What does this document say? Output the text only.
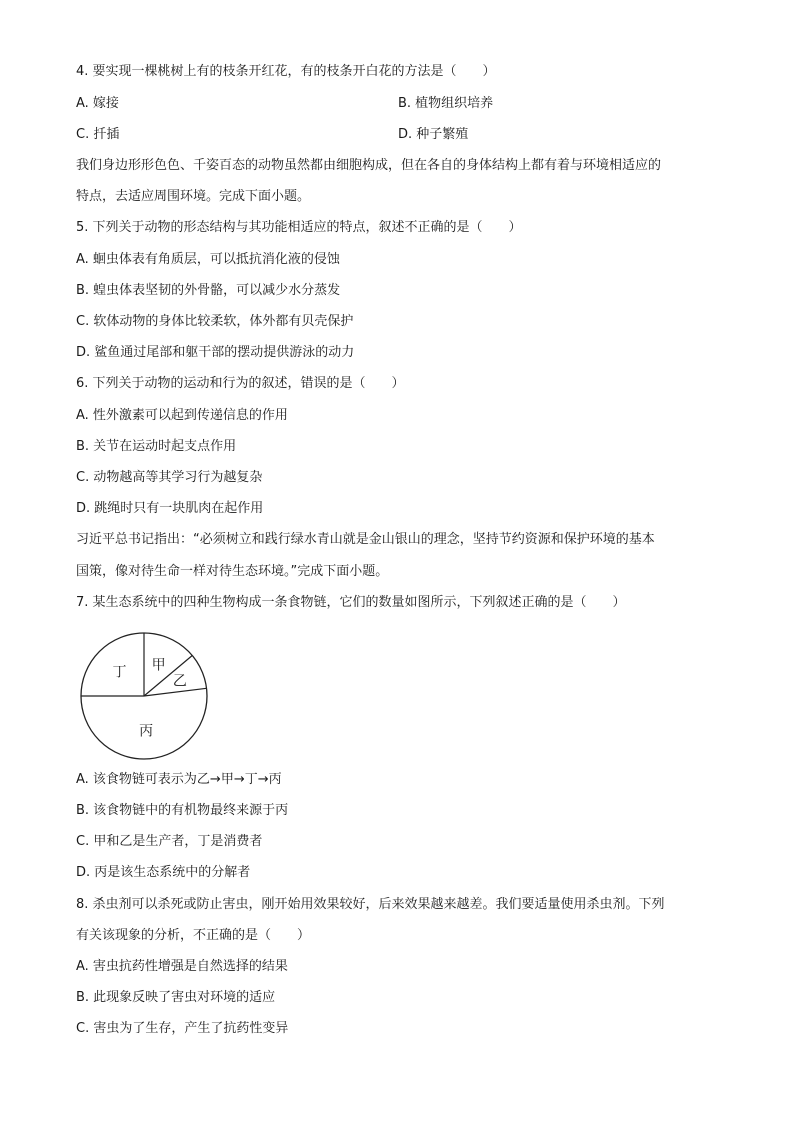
4. 要实现一棵桃树上有的枝条开红花，有的枝条开白花的方法是（　　）
A. 嫁接	B. 植物组织培养
C. 扦插	D. 种子繁殖
我们身边形形色色、千姿百态的动物虽然都由细胞构成，但在各自的身体结构上都有着与环境相适应的
特点，去适应周围环境。完成下面小题。
5. 下列关于动物的形态结构与其功能相适应的特点，叙述不正确的是（　　）
A. 蛔虫体表有角质层，可以抵抗消化液的侵蚀
B. 蝗虫体表坚韧的外骨骼，可以减少水分蒸发
C. 软体动物的身体比较柔软，体外都有贝壳保护
D. 鲨鱼通过尾部和躯干部的摆动提供游泳的动力
6. 下列关于动物的运动和行为的叙述，错误的是（　　）
A. 性外激素可以起到传递信息的作用
B. 关节在运动时起支点作用
C. 动物越高等其学习行为越复杂
D. 跳绳时只有一块肌肉在起作用
习近平总书记指出：“必须树立和践行绿水青山就是金山银山的理念，坚持节约资源和保护环境的基本
国策，像对待生命一样对待生态环境。”完成下面小题。
7. 某生态系统中的四种生物构成一条食物链，它们的数量如图所示，下列叙述正确的是（　　）
甲
乙
丙
丁
A. 该食物链可表示为乙→甲→丁→丙
B. 该食物链中的有机物最终来源于丙
C. 甲和乙是生产者，丁是消费者
D. 丙是该生态系统中的分解者
8. 杀虫剂可以杀死或防止害虫，刚开始用效果较好，后来效果越来越差。我们要适量使用杀虫剂。下列
有关该现象的分析，不正确的是（　　）
A. 害虫抗药性增强是自然选择的结果
B. 此现象反映了害虫对环境的适应
C. 害虫为了生存，产生了抗药性变异
